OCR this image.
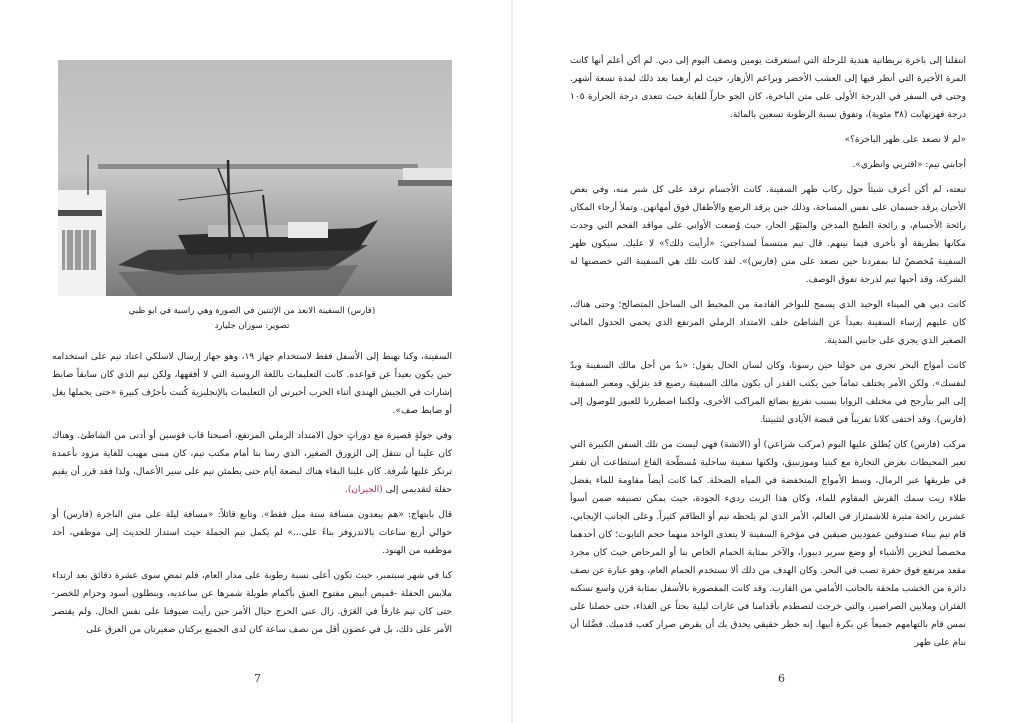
(فارس) السفينة الابعد من الإثنتين في الصورة وهي راسية في ابو ظبي
تصوير: سوزان جليارد

السفينة، وكنا نهبط إلى الأسفل فقط لاستخدام جهاز ١٩، وهو جهاز إرسال لاسلكي اعتاد تيم على استخدامه حين يكون بعيداً عن قواعده. كانت التعليمات باللغة الروسية التي لا أفقهها، ولكن تيم الذي كان سابقاً ضابط إشارات في الجيش الهندي أثناء الحرب أخبرني أن التعليمات بالإنجليزية كُتبت بأحرُف كبيرة «حتى يحملها بغل أو ضابط صف».

وفي جولةٍ قصيرة مع دوراتٍ حول الامتداد الرملي المرتفع، أصبحنا قاب قوسين أو أدنى من الشاطئ. وهناك كان علينا أن ننتقل إلى الزورق الصغير، الذي رسا بنا أمام مكتب تيم، كان مبنى مهيب للغاية مزود بأعمدة ترتكز عليها شُرفة. كان علينا البقاء هناك لبضعة أيام حتى يطمئن تيم على سير الأعمال، ولذا فقد قرر أن يقيم حفلة لتقديمي إلى (الجيران).

قال بابتهاج: «هم يبعدون مسافة ستة ميل فقط». وتابع قائلاً: «مسافة ليلة على متن الباخرة (فارس) أو حوالي أربع ساعات بالاندروفر بناءً على...» لم يكمل تيم الجملة حيث استدار للحديث إلى موظفي، أحد موظفيه من الهنود.

كنا في شهر سبتمبر، حيث تكون أعلى نسبة رطوبة على مدار العام، فلم تمضِ سوى عشرة دقائق بعد ارتداء ملابس الحفلة -قميص أبيض مفتوح العنق بأكمام طويلة شمرها عن ساعديه، وبنطلون أسود وحزام للخصر- حتى كان تيم غارقاً في العَرَق. زال عني الحرج حيال الأمر حين رأيت ضيوفنا على نفس الحال. ولم يقتصر الأمر على ذلك، بل في غضون أقل من نصف ساعة كان لدى الجميع بركتان صغيرتان من العرق على

7

انتقلنا إلى باخرة بريطانية هندية للرحلة التي استغرقت يومين ونصف اليوم إلى دبي. لم أكن أعلم أنها كانت المرة الأخيرة التي أنظر فيها إلى العشب الأخضر وبراعم الأزهار، حيث لم أرهما بعد ذلك لمدة تسعة أشهر. وحتى في السفر في الدرجة الأولى على متن الباخرة، كان الجو حاراً للغاية حيث تتعدى درجة الحرارة ١٠٥ درجة فهرنهايت (٣٨ مئوية)، وتفوق نسبة الرطوبة تسعين بالمائة.

«لم لا نصعد على ظهر الباخرة؟»

أجابني تيم: «اقتربي وانظري».

تبعته، لم أكن أعرف شيئاً حول ركاب ظهر السفينة. كانت الأجسام ترقد على كل شبر منه، وفي بعض الأحيان يرقد جسمان على نفس المساحة، وذلك حين يرقد الرضع والأطفال فوق أمهاتهن. وتملأ أرجاء المكان رائحة الأجسام، و رائحة الطبخ المدخن والمبَهّر الحار، حيث وُضعت الأواني على مواقد الفحم التي وجدت مكانها بطريقة أو بأخرى فيما بينهم. قال تيم مبتسماً لسذاجتي: «أرأيت ذلك؟» لا عليك. سيكون ظهر السفينة مُخصصٌ لنا بمفردنا حين نصعد على متن (فارس)». لقد كانت تلك هي السفينة التي خصصتها له الشركة، وقد أحبها تيم لدرجة تفوق الوصف.

كانت دبي هي الميناء الوحيد الذي يسمح للبواخر القادمة من المحيط الى الساحل المتصالح؛ وحتى هناك، كان عليهم إرساء السفينة بعيداً عن الشاطئ خلف الامتداد الرملي المرتفع الذي يحمي الجدول المائي الصغير الذي يجري على جانبي المدينة.

كانت أمواج البحر تجري من حولنا حين رسونا، وكان لسان الحال يقول: «بدٌ من أجل مالك السفينة وبدٌ لنفسك». ولكن الأمر يختلف تماماً حين يكتب القدر أن يكون مالك السفينة رضيع قد يتزلق، ومعبر السفينة إلى البر يتأرجح في مختلف الزوايا بسبب تفريغ بضائع المراكب الأخرى، ولكننا اضطررنا للعبور للوصول إلى (فارس). وقد اختفى كلانا تقريباً في قبضة الأيادي لتثبيتنا.

مركب (فارس) كان يُطلق عليها اليوم (مركب شراعي) أو (الانشة) فهي ليست من تلك السفن الكبيرة التي تعبر المحيطات بغرض التجارة مع كينيا وموزنبيق، ولكنها سفينة ساحلية مُسطّحة القاع استطاعت أن تقفز في طريقها عبر الرمال، وسط الأمواج المنخفضة في المياه الضحلة. كما كانت أيضاً مقاومة للماء بفضل طلاء زيت سمك القرش المقاوم للماء، وكان هذا الزيت رديء الجودة، حيث يمكن تصنيفه ضمن أسوأ عشرين رائحة مثيرة للاشمئزاز في العالم، الأمر الذي لم يلحظه تيم أو الطاقم كثيراً. وعلى الجانب الإيجابي، قام تيم ببناء صندوقين عموديين ضيقين في مؤخرة السفينة لا يتعدى الواحد منهما حجم التابوت؛ كان أحدهما مخصصاً لتخزين الأشياء أو وضع سرير ديبورا، والآخر بمثابة الحمام الخاص بنا أو المرحاض حيث كان مجرد مقعد مرتفع فوق حفرة تصب في البحر. وكان الهدف من ذلك ألا نستخدم الحمام العام، وهو عبارة عن نصف دائرة من الخشب ملحقة بالجانب الأمامي من القارب. وقد كانت المقصورة بالأسفل بمثابة قرن واسع تسكنه الفئران وملايين الصراصير، والتي خرجت لتصطدم بأقدامنا في غارات ليلية بحثاً عن الغذاء، حتى حصلنا على نمس قام بالتهامهم جميعاً عن بكرة أبيها. إنه خطر حقيقي يحدق بك أن يقرض صرار كعب قدميك. فضَّلنا أن ننام على ظهر

6
